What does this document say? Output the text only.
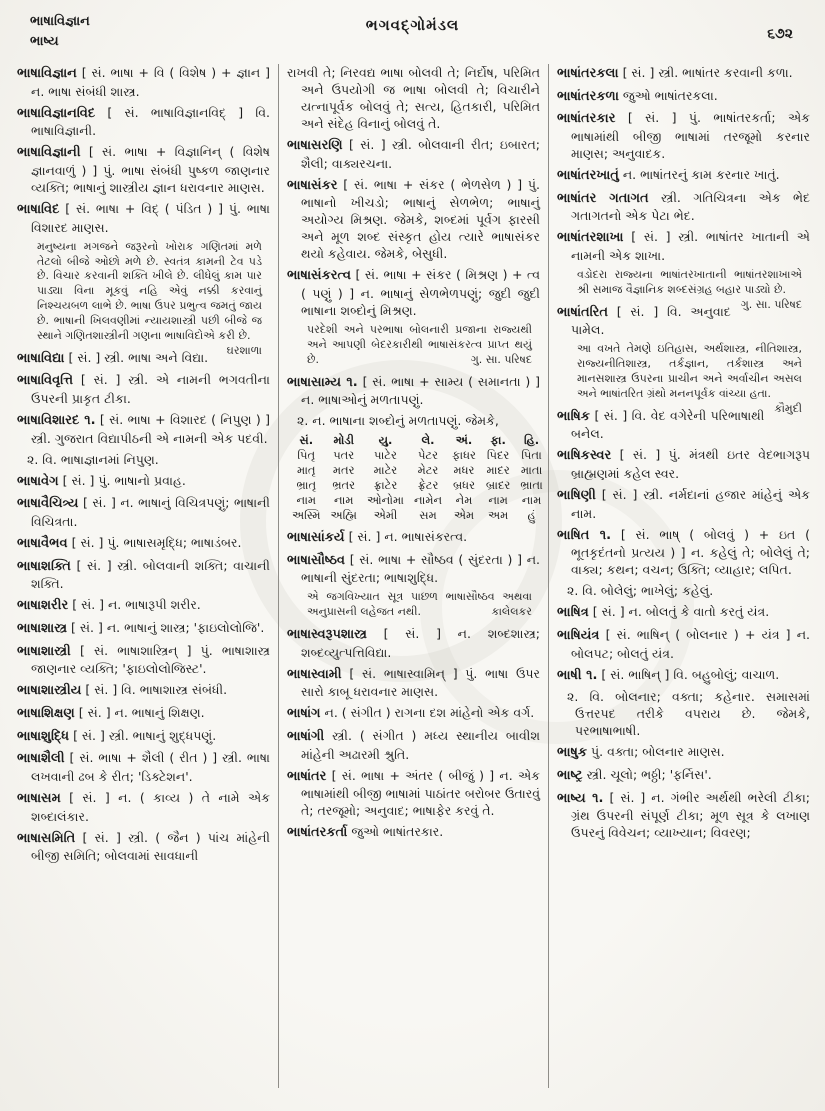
ભાષાવિજ્ઞાન
ભાષ્ય
ભગવદ્ગોમંડલ	૬૭૨

ભાષાવિજ્ઞાન [ સં. ભાષા + વિ ( વિશેષ ) + જ્ઞાન ] ન. ભાષા સંબંધી શાસ્ત્ર.

ભાષાવિજ્ઞાનવિદ [ સં. ભાષાવિજ્ઞાનવિદ્ ] વિ. ભાષાવિજ્ઞાની.

ભાષાવિજ્ઞાની [ સં. ભાષા + વિજ્ઞાનિન્ ( વિશેષ જ્ઞાનવાળું ) ] પું. ભાષા સંબંધી પુષ્કળ જાણનાર વ્યક્તિ; ભાષાનું શાસ્ત્રીય જ્ઞાન ધરાવનાર માણસ.

ભાષાવિદ [ સં. ભાષા + વિદ્ ( પંડિત ) ] પું. ભાષા વિશારદ માણસ.

મનુષ્યના મગજને જરૂરનો ખોરાક ગણિતમાં મળે તેટલો બીજે ઓછો મળે છે. સ્વતંત્ર કામની ટેવ પડે છે. વિચાર કરવાની શક્તિ ખીલે છે. લીધેલું કામ પાર પાડ્યા વિના મૂકવું નહિ એવું નક્કી કરવાનું નિશ્ચયબળ લાભે છે. ભાષા ઉપર પ્રભુત્વ જમતું જાય છે. ભાષાની ખિલવણીમાં ન્યાયશાસ્ત્રી પછી બીજે જ સ્થાને ગણિતશાસ્ત્રીની ગણના ભાષાવિદોએ કરી છે.
ઘરશાળા

ભાષાવિદ્યા [ સં. ] સ્ત્રી. ભાષા અને વિદ્યા.

ભાષાવિવૃત્તિ [ સં. ] સ્ત્રી. એ નામની ભગવતીના ઉપરની પ્રાકૃત ટીકા.

ભાષાવિશારદ ૧. [ સં. ભાષા + વિશારદ ( નિપુણ ) ] સ્ત્રી. ગુજરાત વિદ્યાપીઠની એ નામની એક પદવી.

૨. વિ. ભાષાજ્ઞાનમાં નિપુણ.

ભાષાવેગ [ સં. ] પું. ભાષાનો પ્રવાહ.

ભાષાવૈચિત્ર્ય [ સં. ] ન. ભાષાનું વિચિત્રપણું; ભાષાની વિચિત્રતા.

ભાષાવૈભવ [ સં. ] પું. ભાષાસમૃદ્ધિ; ભાષાડંબર.

ભાષાશક્તિ [ સં. ] સ્ત્રી. બોલવાની શક્તિ; વાચાની શક્તિ.

ભાષાશરીર [ સં. ] ન. ભાષારૂપી શરીર.

ભાષાશાસ્ત્ર [ સં. ] ન. ભાષાનું શાસ્ત્ર; 'ફાઇલોલોજિ'.

ભાષાશાસ્ત્રી [ સં. ભાષાશાસ્ત્રિન્ ] પું. ભાષાશાસ્ત્ર જાણનાર વ્યક્તિ; 'ફાઇલોલોજિસ્ટ'.

ભાષાશાસ્ત્રીય [ સં. ] વિ. ભાષાશાસ્ત્ર સંબંધી.

ભાષાશિક્ષણ [ સં. ] ન. ભાષાનું શિક્ષણ.

ભાષાશુદ્ધિ [ સં. ] સ્ત્રી. ભાષાનું શુદ્ધપણું.

ભાષાશૈલી [ સં. ભાષા + શૈલી ( રીત ) ] સ્ત્રી. ભાષા લખવાની ઢબ કે રીત; 'ડિક્ટેશન'.

ભાષાસમ [ સં. ] ન. ( કાવ્ય ) તે નામે એક શબ્દાલંકાર.

ભાષાસમિતિ [ સં. ] સ્ત્રી. ( જૈન ) પાંચ માંહેની બીજી સમિતિ; બોલવામાં સાવધાની

રાખવી તે; નિરવદ્ય ભાષા બોલવી તે; નિર્દોષ, પરિમિત અને ઉપયોગી જ ભાષા બોલવી તે; વિચારીને યત્નાપૂર્વક બોલવું તે; સત્ય, હિતકારી, પરિમિત અને સંદેહ વિનાનું બોલવું તે.

ભાષાસરણિ [ સં. ] સ્ત્રી. બોલવાની રીત; ઇબારત; શૈલી; વાક્યરચના.

ભાષાસંકર [ સં. ભાષા + સંકર ( ભેળસેળ ) ] પું. ભાષાનો ખીચડો; ભાષાનું સેળભેળ; ભાષાનું અયોગ્ય મિશ્રણ. જેમકે, શબ્દમાં પૂર્વગ ફારસી અને મૂળ શબ્દ સંસ્કૃત હોય ત્યારે ભાષાસંકર થયો કહેવાય. જેમકે, બેસુધી.

ભાષાસંકરત્વ [ સં. ભાષા + સંકર ( મિશ્રણ ) + ત્વ ( પણું ) ] ન. ભાષાનું સેળભેળપણું; જુદી જુદી ભાષાના શબ્દોનું મિશ્રણ.

પરદેશી અને પરભાષા બોલનારી પ્રજાના રાજ્યથી અને આપણી બેદરકારીથી ભાષાસંકરત્વ પ્રાપ્ત થયું છે.	ગુ. સા. પરિષદ

ભાષાસામ્ય ૧. [ સં. ભાષા + સામ્ય ( સમાનતા ) ] ન. ભાષાઓનું મળતાપણું.

૨. ન. ભાષાના શબ્દોનું મળતાપણું. જેમકે,

સં.	મોડી	યુ.	લે.	અં.	ફા.	હિ.
પિતૃ	પતર	પાટેર	પેટર	ફાધર	પિદર	પિતા
માતૃ	મતર	માટેર	મેટર	મધર	માદર	માતા
ભ્રાતૃ	ભ્રતર	ફ્રાટેર	ફ્રેટર	બ્રધર	બ્રાદર	ભ્રાતા
નામ	નામ	ઓનોમા	નામેન	નેમ	નામ	નામ
અસ્મિ	અહ્મિ	એમી	સમ	એમ	અમ	હું

ભાષાસાંકર્ય [ સં. ] ન. ભાષાસંકરત્વ.

ભાષાસૌષ્ઠવ [ સં. ભાષા + સૌષ્ઠવ ( સુંદરતા ) ] ન. ભાષાની સુંદરતા; ભાષાશુદ્ધિ.

એ જગવિખ્યાત સૂત્ર પાછળ ભાષાસૌષ્ઠવ અથવા અનુપ્રાસની લહેજત નથી.	કાલેલકર

ભાષાસ્વરૂપશાસ્ત્ર [ સં. ] ન. શબ્દશાસ્ત્ર; શબ્દવ્યુત્પત્તિવિદ્યા.

ભાષાસ્વામી [ સં. ભાષાસ્વામિન્ ] પું. ભાષા ઉપર સારો કાબૂ ધરાવનાર માણસ.

ભાષાંગ ન. ( સંગીત ) રાગના દશ માંહેનો એક વર્ગ.

ભાષાંગી સ્ત્રી. ( સંગીત ) મધ્ય સ્થાનીય બાવીશ માંહેની અઢારમી શ્રુતિ.

ભાષાંતર [ સં. ભાષા + અંતર ( બીજું ) ] ન. એક ભાષામાંથી બીજી ભાષામાં પાઠાંતર બરોબર ઉતારવું તે; તરજૂમો; અનુવાદ; ભાષાફેર કરવું તે.

ભાષાંતરકર્તા જુઓ ભાષાંતરકાર.

ભાષાંતરકલા [ સં. ] સ્ત્રી. ભાષાંતર કરવાની કળા.

ભાષાંતરકળા જુઓ ભાષાંતરકલા.

ભાષાંતરકાર [ સં. ] પું. ભાષાંતરકર્તા; એક ભાષામાંથી બીજી ભાષામાં તરજૂમો કરનાર માણસ; અનુવાદક.

ભાષાંતરખાતું ન. ભાષાંતરનું કામ કરનાર ખાતું.

ભાષાંતર ગતાગત સ્ત્રી. ગતિચિત્રના એક ભેદ ગતાગતનો એક પેટા ભેદ.

ભાષાંતરશાખા [ સં. ] સ્ત્રી. ભાષાંતર ખાતાની એ નામની એક શાખા.

વડોદરા રાજ્યના ભાષાંતરખાતાની ભાષાંતરશાખાએ શ્રી સમાજ વૈજ્ઞાનિક શબ્દસંગ્રહ બહાર પાડ્યો છે.
ગુ. સા. પરિષદ

ભાષાંતરિત [ સં. ] વિ. અનુવાદ પામેલ.

આ વખતે તેમણે ઇતિહાસ, અર્થશાસ્ત્ર, નીતિશાસ્ત્ર, રાજ્યનીતિશાસ્ત્ર, તર્કજ્ઞાન, તર્કશાસ્ત્ર અને માનસશાસ્ત્ર ઉપરના પ્રાચીન અને અર્વાચીન અસલ અને ભાષાંતરિત ગ્રંથો મનનપૂર્વક વાંચ્યા હતા.
કૌમુદી

ભાષિક [ સં. ] વિ. વેદ વગેરેની પરિભાષાથી બનેલ.

ભાષિકસ્વર [ સં. ] પું. મંત્રથી ઇતર વેદભાગરૂપ બ્રાહ્મણમાં કહેલ સ્વર.

ભાષિણી [ સં. ] સ્ત્રી. નર્મદાનાં હજાર માંહેનું એક નામ.

ભાષિત ૧. [ સં. ભાષ્ ( બોલવું ) + ઇત ( ભૂતકૃદંતનો પ્રત્યય ) ] ન. કહેલું તે; બોલેલું તે; વાક્ય; કથન; વચન; ઉક્તિ; વ્યાહાર; લપિત.

૨. વિ. બોલેલું; ભાખેલું; કહેલું.

ભાષિત્ર [ સં. ] ન. બોલતું કે વાતો કરતું યંત્ર.

ભાષિયંત્ર [ સં. ભાષિન્ ( બોલનાર ) + યંત્ર ] ન. બોલપટ; બોલતું યંત્ર.

ભાષી ૧. [ સં. ભાષિન્ ] વિ. બહુબોલું; વાચાળ.

૨. વિ. બોલનાર; વક્તા; કહેનાર. સમાસમાં ઉત્તરપદ તરીકે વપરાય છે. જેમકે, પરભાષાભાષી.

ભાષુક પું. વક્તા; બોલનાર માણસ.

ભાષ્ટ્ર સ્ત્રી. ચૂલો; ભઠ્ઠી; 'ફર્નિસ'.

ભાષ્ય ૧. [ સં. ] ન. ગંભીર અર્થથી ભરેલી ટીકા; ગ્રંથ ઉપરની સંપૂર્ણ ટીકા; મૂળ સૂત્ર કે લખાણ ઉપરનું વિવેચન; વ્યાખ્યાન; વિવરણ;
